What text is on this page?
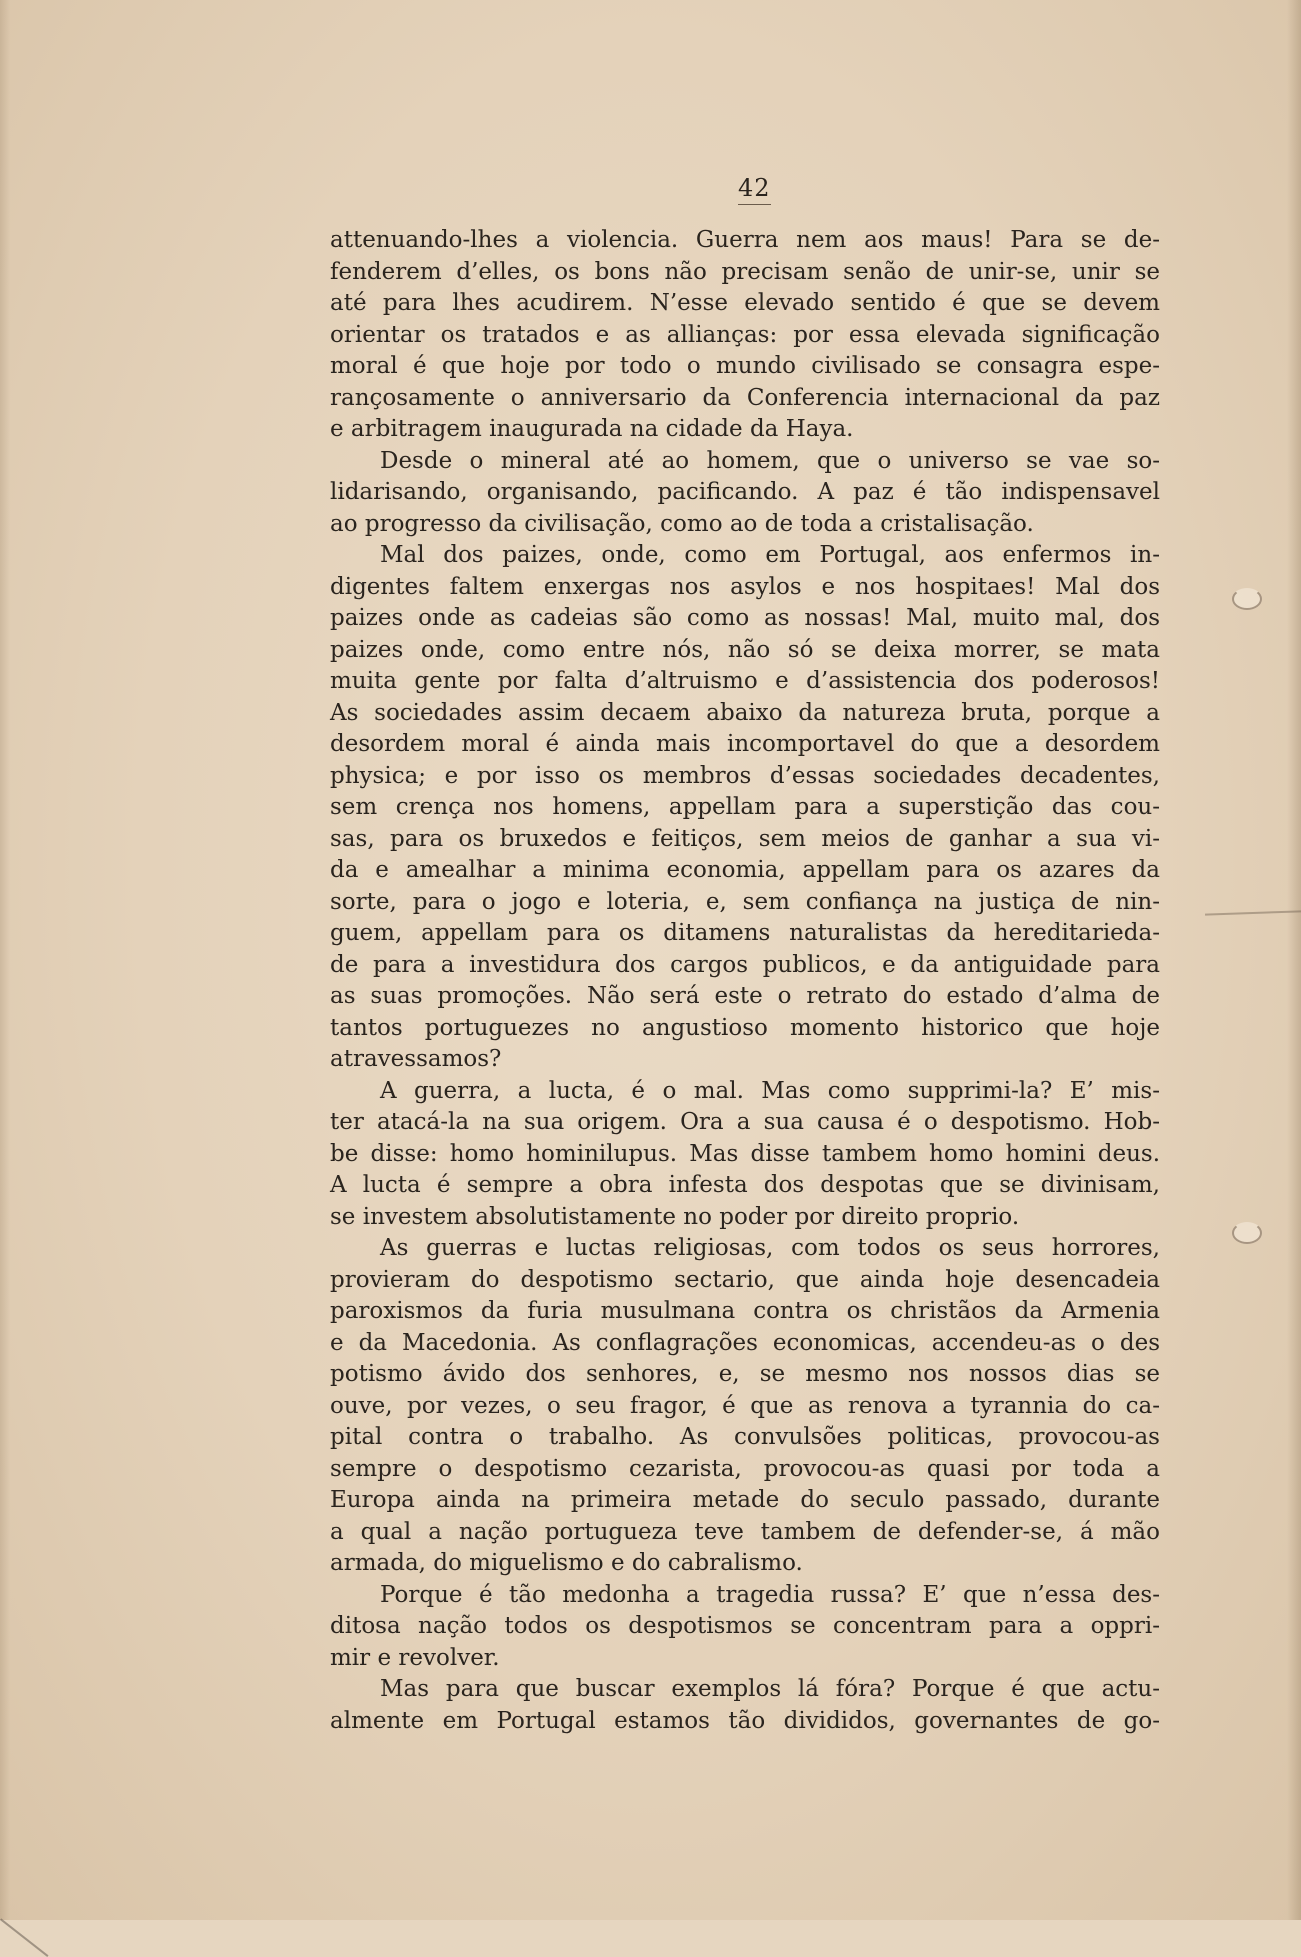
42
attenuando-lhes a violencia. Guerra nem aos maus! Para se de-
fenderem d’elles, os bons não precisam senão de unir-se, unir se
até para lhes acudirem. N’esse elevado sentido é que se devem
orientar os tratados e as allianças: por essa elevada significação
moral é que hoje por todo o mundo civilisado se consagra espe-
rançosamente o anniversario da Conferencia internacional da paz
e arbitragem inaugurada na cidade da Haya.
Desde o mineral até ao homem, que o universo se vae so-
lidarisando, organisando, pacificando. A paz é tão indispensavel
ao progresso da civilisação, como ao de toda a cristalisação.
Mal dos paizes, onde, como em Portugal, aos enfermos in-
digentes faltem enxergas nos asylos e nos hospitaes! Mal dos
paizes onde as cadeias são como as nossas! Mal, muito mal, dos
paizes onde, como entre nós, não só se deixa morrer, se mata
muita gente por falta d’altruismo e d’assistencia dos poderosos!
As sociedades assim decaem abaixo da natureza bruta, porque a
desordem moral é ainda mais incomportavel do que a desordem
physica; e por isso os membros d’essas sociedades decadentes,
sem crença nos homens, appellam para a superstição das cou-
sas, para os bruxedos e feitiços, sem meios de ganhar a sua vi-
da e amealhar a minima economia, appellam para os azares da
sorte, para o jogo e loteria, e, sem confiança na justiça de nin-
guem, appellam para os ditamens naturalistas da hereditarieda-
de para a investidura dos cargos publicos, e da antiguidade para
as suas promoções. Não será este o retrato do estado d’alma de
tantos portuguezes no angustioso momento historico que hoje
atravessamos?
A guerra, a lucta, é o mal. Mas como supprimi-la? E’ mis-
ter atacá-la na sua origem. Ora a sua causa é o despotismo. Hob-
be disse: homo hominilupus. Mas disse tambem homo homini deus.
A lucta é sempre a obra infesta dos despotas que se divinisam,
se investem absolutistamente no poder por direito proprio.
As guerras e luctas religiosas, com todos os seus horrores,
provieram do despotismo sectario, que ainda hoje desencadeia
paroxismos da furia musulmana contra os christãos da Armenia
e da Macedonia. As conflagrações economicas, accendeu-as o des
potismo ávido dos senhores, e, se mesmo nos nossos dias se
ouve, por vezes, o seu fragor, é que as renova a tyrannia do ca-
pital contra o trabalho. As convulsões politicas, provocou-as
sempre o despotismo cezarista, provocou-as quasi por toda a
Europa ainda na primeira metade do seculo passado, durante
a qual a nação portugueza teve tambem de defender-se, á mão
armada, do miguelismo e do cabralismo.
Porque é tão medonha a tragedia russa? E’ que n’essa des-
ditosa nação todos os despotismos se concentram para a oppri-
mir e revolver.
Mas para que buscar exemplos lá fóra? Porque é que actu-
almente em Portugal estamos tão divididos, governantes de go-
